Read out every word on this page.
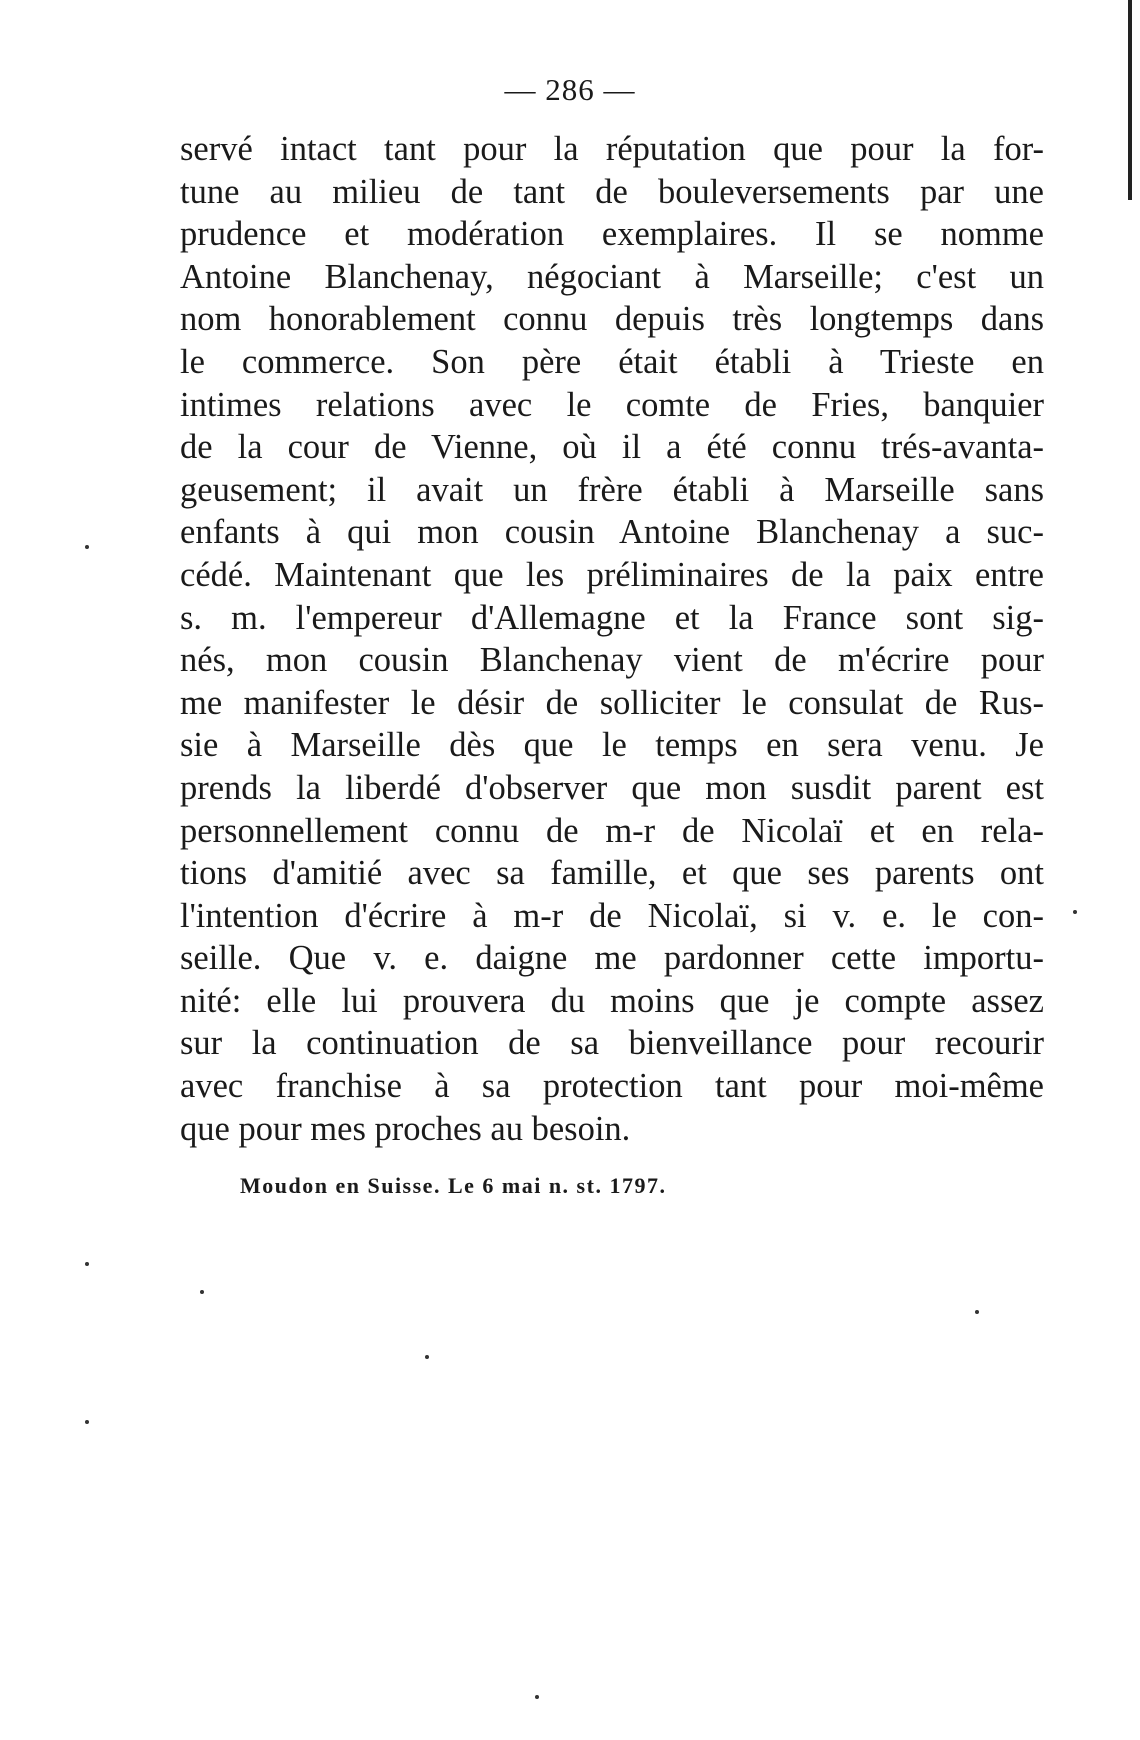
— 286 —
servé intact tant pour la réputation que pour la for-
tune au milieu de tant de bouleversements par une
prudence et modération exemplaires. Il se nomme
Antoine Blanchenay, négociant à Marseille; c'est un
nom honorablement connu depuis très longtemps dans
le commerce. Son père était établi à Trieste en
intimes relations avec le comte de Fries, banquier
de la cour de Vienne, où il a été connu trés-avanta-
geusement; il avait un frère établi à Marseille sans
enfants à qui mon cousin Antoine Blanchenay a suc-
cédé. Maintenant que les préliminaires de la paix entre
s. m. l'empereur d'Allemagne et la France sont sig-
nés, mon cousin Blanchenay vient de m'écrire pour
me manifester le désir de solliciter le consulat de Rus-
sie à Marseille dès que le temps en sera venu. Je
prends la liberdé d'observer que mon susdit parent est
personnellement connu de m-r de Nicolaï et en rela-
tions d'amitié avec sa famille, et que ses parents ont
l'intention d'écrire à m-r de Nicolaï, si v. e. le con-
seille. Que v. e. daigne me pardonner cette importu-
nité: elle lui prouvera du moins que je compte assez
sur la continuation de sa bienveillance pour recourir
avec franchise à sa protection tant pour moi-même
que pour mes proches au besoin.
Moudon en Suisse. Le 6 mai n. st. 1797.
